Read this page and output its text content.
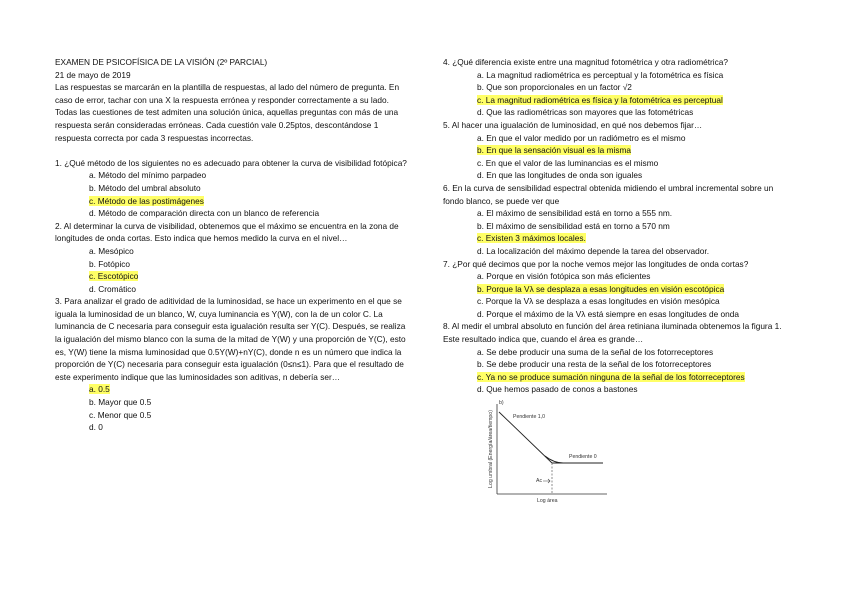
EXAMEN DE PSICOFÍSICA DE LA VISIÓN (2º PARCIAL)

21 de mayo de 2019

Las respuestas se marcarán en la plantilla de respuestas, al lado del número de pregunta. En caso de error, tachar con una X la respuesta errónea y responder correctamente a su lado. Todas las cuestiones de test admiten una solución única, aquellas preguntas con más de una respuesta serán consideradas erróneas. Cada cuestión vale 0.25ptos, descontándose 1 respuesta correcta por cada 3 respuestas incorrectas.

1. ¿Qué método de los siguientes no es adecuado para obtener la curva de visibilidad fotópica?

a. Método del mínimo parpadeo
b. Método del umbral absoluto
c. Método de las postimágenes
d. Método de comparación directa con un blanco de referencia

2. Al determinar la curva de visibilidad, obtenemos que el máximo se encuentra en la zona de longitudes de onda cortas. Esto indica que hemos medido la curva en el nivel…

a. Mesópico
b. Fotópico
c. Escotópico
d. Cromático

3. Para analizar el grado de aditividad de la luminosidad, se hace un experimento en el que se iguala la luminosidad de un blanco, W, cuya luminancia es Y(W), con la de un color C. La luminancia de C necesaria para conseguir esta igualación resulta ser Y(C). Después, se realiza la igualación del mismo blanco con la suma de la mitad de Y(W) y una proporción de Y(C), esto es, Y(W) tiene la misma luminosidad que 0.5Y(W)+nY(C), donde n es un número que indica la proporción de Y(C) necesaria para conseguir esta igualación (0≤n≤1). Para que el resultado de este experimento indique que las luminosidades son aditivas, n debería ser…

a. 0.5
b. Mayor que 0.5
c. Menor que 0.5
d. 0

4. ¿Qué diferencia existe entre una magnitud fotométrica y otra radiométrica?

a. La magnitud radiométrica es perceptual y la fotométrica es física
b. Que son proporcionales en un factor √2
c. La magnitud radiométrica es física y la fotométrica es perceptual
d. Que las radiométricas son mayores que las fotométricas

5. Al hacer una igualación de luminosidad, en qué nos debemos fijar…

a. En que el valor medido por un radiómetro es el mismo
b. En que la sensación visual es la misma
c. En que el valor de las luminancias es el mismo
d. En que las longitudes de onda son iguales

6. En la curva de sensibilidad espectral obtenida midiendo el umbral incremental sobre un fondo blanco, se puede ver que

a. El máximo de sensibilidad está en torno a 555 nm.
b. El máximo de sensibilidad está en torno a 570 nm
c. Existen 3 máximos locales.
d. La localización del máximo depende la tarea del observador.

7. ¿Por qué decimos que por la noche vemos mejor las longitudes de onda cortas?

a. Porque en visión fotópica son más eficientes
b. Porque la Vλ se desplaza a esas longitudes en visión escotópica
c. Porque la Vλ se desplaza a esas longitudes en visión mesópica
d. Porque el máximo de la Vλ está siempre en esas longitudes de onda

8. Al medir el umbral absoluto en función del área retiniana iluminada obtenemos la figura 1. Este resultado indica que, cuando el área es grande…

a. Se debe producir una suma de la señal de los fotorreceptores
b. Se debe producir una resta de la señal de los fotorreceptores
c. Ya no se produce sumación ninguna de la señal de los fotorreceptores
d. Que hemos pasado de conos a bastones
b)
Pendiente 1,0
Pendiente 0
Ac
Log área
Log umbral (Energía/área/tiempo)
